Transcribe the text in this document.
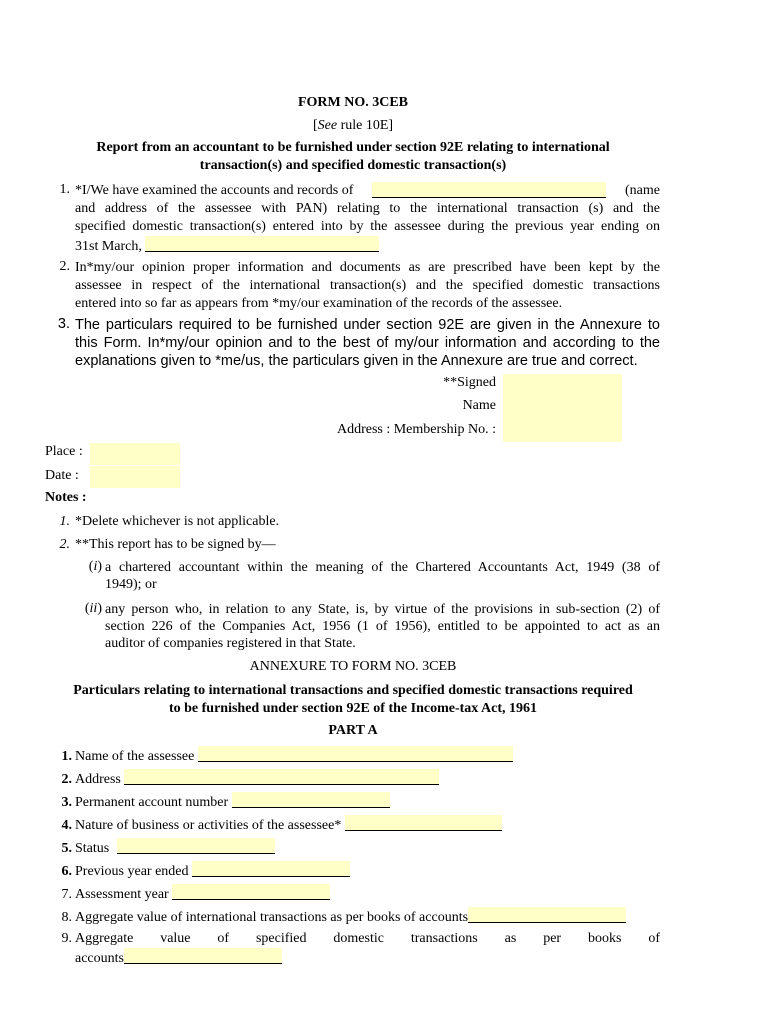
FORM NO. 3CEB
[See rule 10E]
Report from an accountant to be furnished under section 92E relating to international
transaction(s) and specified domestic transaction(s)
1. *I/We have examined the accounts and records of	(name
and address of the assessee with PAN) relating to the international transaction (s) and the
specified domestic transaction(s) entered into by the assessee during the previous year ending on
31st March,
2. In*my/our opinion proper information and documents as are prescribed have been kept by the
assessee in respect of the international transaction(s) and the specified domestic transactions
entered into so far as appears from *my/our examination of the records of the assessee.
3. The particulars required to be furnished under section 92E are given in the Annexure to
this Form. In*my/our opinion and to the best of my/our information and according to the
explanations given to *me/us, the particulars given in the Annexure are true and correct.
**Signed
Name
Address : Membership No. :
Place :
Date :
Notes :
1. *Delete whichever is not applicable.
2. **This report has to be signed by—
(i) a chartered accountant within the meaning of the Chartered Accountants Act, 1949 (38 of
1949); or
(ii) any person who, in relation to any State, is, by virtue of the provisions in sub-section (2) of
section 226 of the Companies Act, 1956 (1 of 1956), entitled to be appointed to act as an
auditor of companies registered in that State.
ANNEXURE TO FORM NO. 3CEB
Particulars relating to international transactions and specified domestic transactions required
to be furnished under section 92E of the Income-tax Act, 1961
PART A
1. Name of the assessee
2. Address
3. Permanent account number
4. Nature of business or activities of the assessee*
5. Status
6. Previous year ended
7. Assessment year
8. Aggregate value of international transactions as per books of accounts
9. Aggregate value of specified domestic transactions as per books of
accounts
